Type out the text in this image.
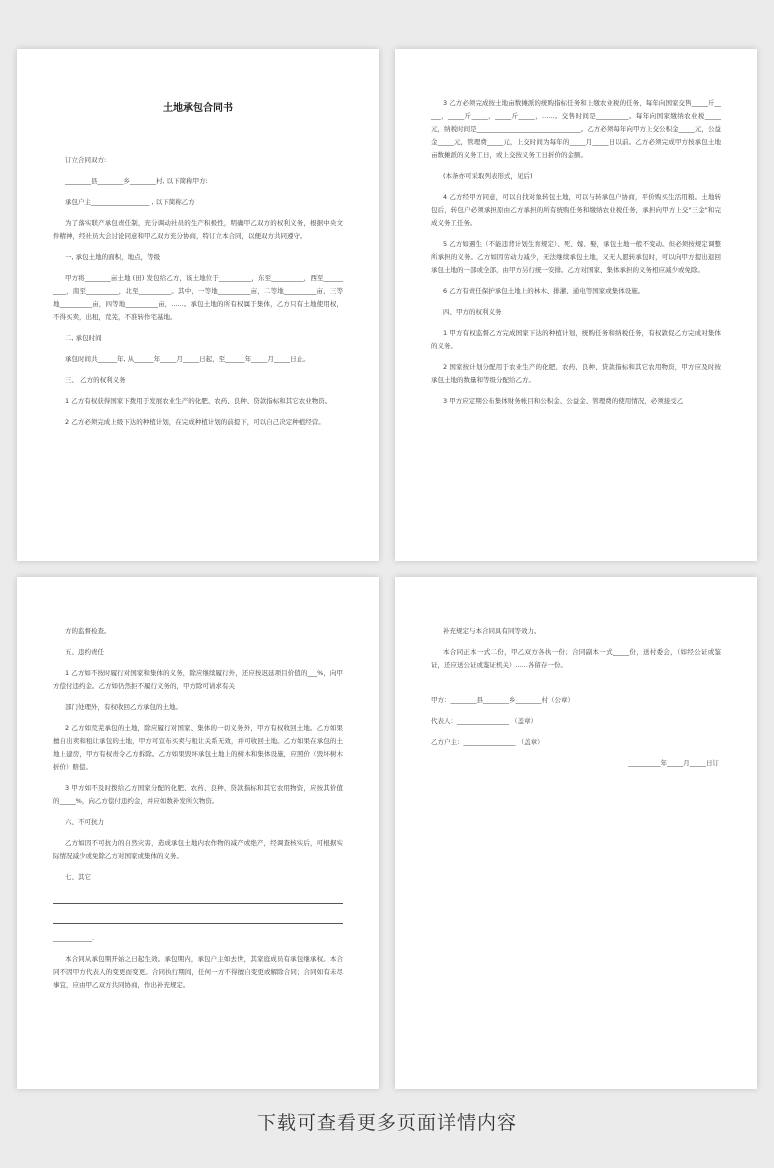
土地承包合同书
订立合同双方:
________县________乡________村, 以下简称甲方:
承包户主__________________ , 以下简称乙方
为了落实联产承包责任制，充分调动社员的生产积极性，明确甲乙双方的权利义务，根据中央文件精神，经社员大会讨论同意和甲乙双方充分协商，特订立本合同，以便双方共同遵守。
一, 承包土地的面积，地点，等级
甲方将________亩土地 (田) 发包给乙方，该土地位于__________，东至__________，西至__________，南至__________，北至__________。其中，一等地__________亩，二等地__________亩，三等地__________亩，四等地__________亩，......。承包土地的所有权属于集体，乙方只有土地使用权，不得买卖，出租，荒芜，不准转作宅基地。
二, 承包时间
承包时间共______年, 从______年_____月_____日起，至______年_____月_____日止。
三、 乙方的权利义务
1 乙方有权获得国家下拨用于发展农业生产的化肥、农药、良种、贷款指标和其它农业物资。
2 乙方必须完成上级下达的种植计划，在完成种植计划的前提下，可以自己决定种植经营。
3 乙方必须完成按土地亩数摊派的统购指标任务和上缴农业税的任务，每年向国家交售_____斤_____，_____斤_____，_____斤_____，......。交售时间是__________。每年向国家缴纳农业税_____元，纳税时间是________________________________。乙方必须每年向甲方上交公积金_____元，公益金_____元，管理费_____元，上交时间为每年的_____月_____日以前。乙方必须完成甲方按承包土地亩数摊派的义务工日，或上交按义务工日折价的金额。
(本条亦可采取列表形式，见后)
4 乙方经甲方同意，可以自找对象转包土地，可以与转承包户协商，平价购买生活用粮。土地转包后，转包户必须承担原由乙方承担的所有统购任务和缴纳农业税任务，承担向甲方上交"三金"和完成义务工任务。
5 乙方如遇生（不能违背计划生育规定）、死、嫁、娶，承包土地一般不变动。但必须按规定调整所承担的义务。乙方如因劳动力减少，无法继续承包土地，又无人愿转承包时，可以向甲方提出退回承包土地的一部或全部，由甲方另行统一安排。乙方对国家、集体承担的义务相应减少或免除。
6 乙方有责任保护承包土地上的林木、排灌、通电等国家或集体设施。
四、甲方的权利义务
1 甲方有权监督乙方完成国家下达的种植计划，统购任务和纳税任务，有权敦促乙方完成对集体的义务。
2 国家按计划分配用于农业生产的化肥、农药、良种、贷款指标和其它农用物资，甲方应及时按承包土地的数量和等级分配给乙方。
3 甲方应定期公布集体财务帐目和公积金、公益金、管理费的使用情况，必须接受乙
方的监督检查。
五、违约责任
1 乙方如不按时履行对国家和集体的义务，除应继续履行外，还应按迟延项目价值的___%，向甲方偿付违约金。乙方如仍然拒不履行义务的，甲方除可请求有关
部门处理外，有权收回乙方承包的土地。
2 乙方如荒芜承包的土地，除应履行对国家、集体的一切义务外，甲方有权收回土地。乙方如果擅自出卖和租让承包的土地，甲方可宣布买卖与租让关系无效，并可收回土地。乙方如果在承包的土地上建房，甲方有权责令乙方拆除。乙方如果毁坏承包土地上的树木和集体设施，应照价（毁坏树木折价）赔偿。
3 甲方如不及时拨给乙方国家分配的化肥、农药、良种、贷款指标和其它农用物资，应按其价值的_____%，向乙方偿付违约金，并应如数补发所欠物资。
六、不可抗力
乙方如因不可抗力的自然灾害，造成承包土地内农作物的减产或绝产，经调查核实后，可根据实际情况减少或免除乙方对国家或集体的义务。
七、其它
____________.
本合同从承包期开始之日起生效。承包期内，承包户主如去世，其家庭成员有承包继承权。本合同不因甲方代表人的变更而变更。合同执行期间，任何一方不得擅自变更或解除合同；合同如有未尽事宜，应由甲乙双方共同协商，作出补充规定。
补充规定与本合同具有同等效力。
本合同正本一式二份，甲乙双方各执一份；合同副本一式_____份，送村委会，（如经公证或鉴证，还应送公证或鉴证机关）......各留存一份。
甲方：________县________乡________村（公章）
代表人：________________ （盖章）
乙方户主：________________ （盖章）
__________年_____月_____日订
下载可查看更多页面详情内容
